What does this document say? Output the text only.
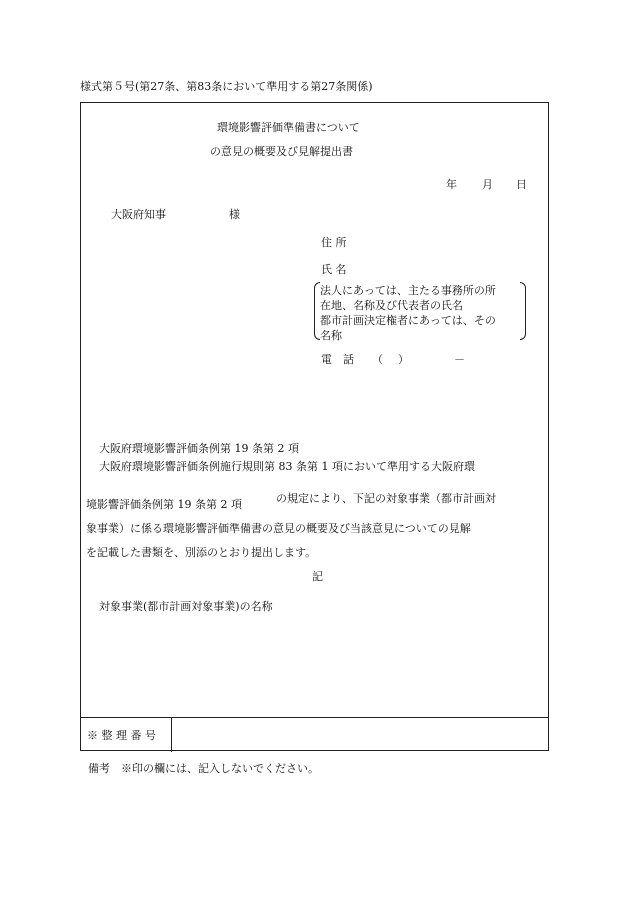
様式第５号(第27条、第83条において準用する第27条関係)
環境影響評価準備書について
の意見の概要及び見解提出書
年 月 日
大阪府知事	様
住 所
氏 名
電　話 （ ）	－
大阪府環境影響評価条例第 19 条第 2 項
大阪府環境影響評価条例施行規則第 83 条第 1 項において準用する大阪府環
境影響評価条例第 19 条第 2 項	の規定により、下記の対象事業（都市計画対
象事業）に係る環境影響評価準備書の意見の概要及び当該意見についての見解
を記載した書類を、別添のとおり提出します。
記
対象事業(都市計画対象事業)の名称
※ 整 理 番 号
法人にあっては、主たる事務所の所
在地、名称及び代表者の氏名
都市計画決定権者にあっては、その
名称
備考　※印の欄には、記入しないでください。
